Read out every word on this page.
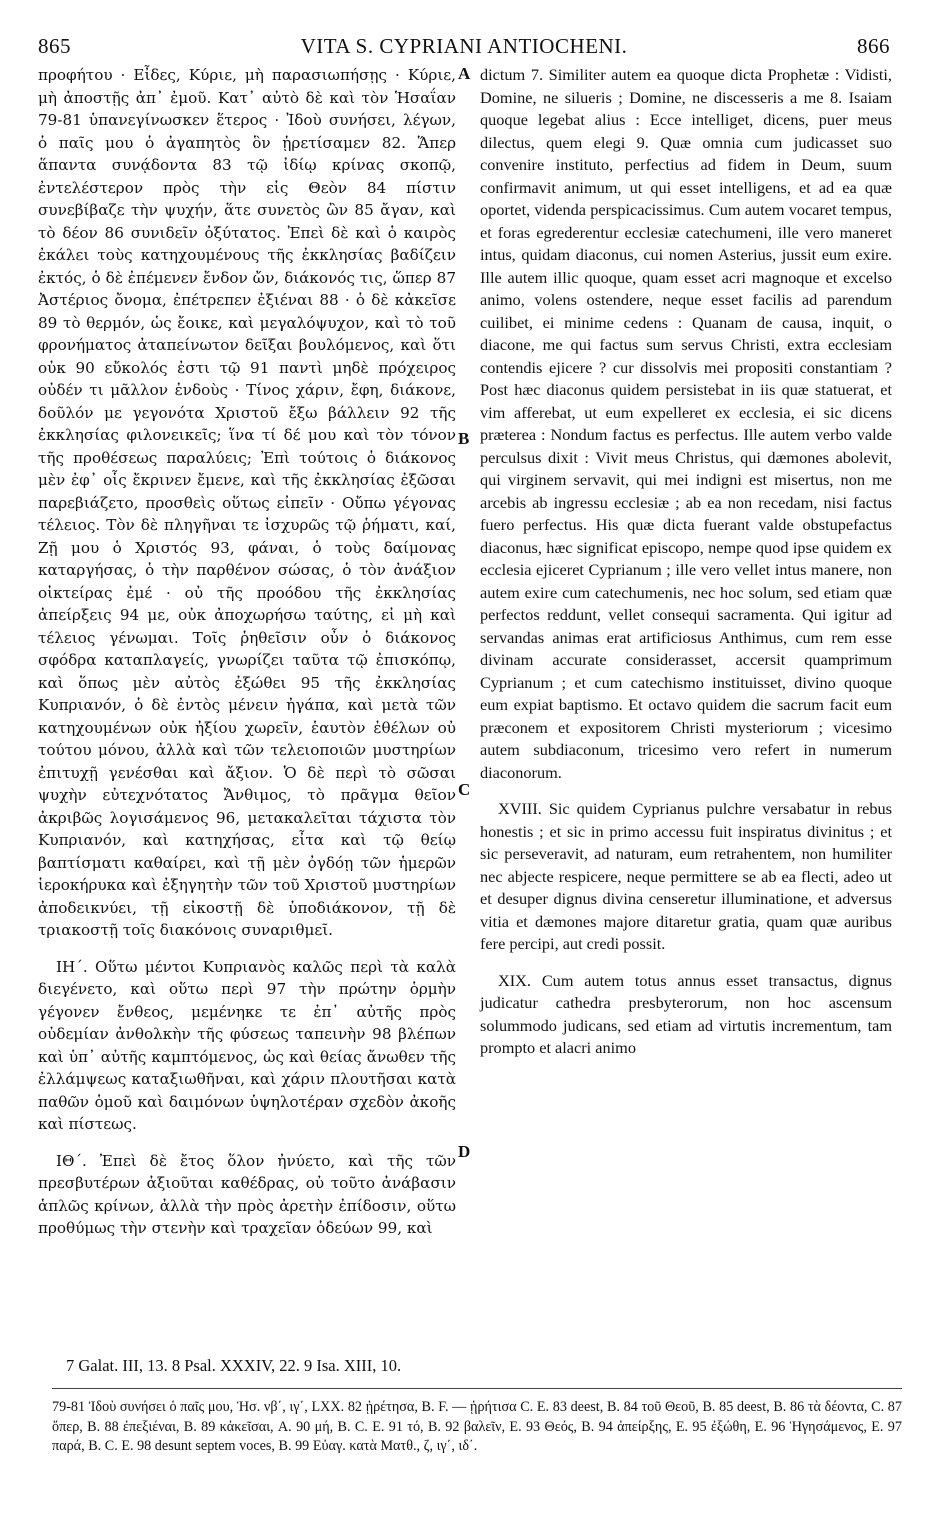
865	VITA S. CYPRIANI ANTIOCHENI.	866

προφήτου · Εἶδες, Κύριε, μὴ παρασιωπήσῃς · Κύριε, μὴ ἀποστῇς ἀπ᾽ ἐμοῦ. Κατ᾽ αὐτὸ δὲ καὶ τὸν Ἡσαΐαν 79-81 ὑπανεγίνωσκεν ἕτερος · Ἰδοὺ συνήσει, λέγων, ὁ παῖς μου ὁ ἀγαπητὸς ὃν ᾑρετίσαμεν 82. Ἅπερ ἅπαντα συνᾴδοντα 83 τῷ ἰδίῳ κρίνας σκοπῷ, ἐντελέστερον πρὸς τὴν εἰς Θεὸν 84 πίστιν συνεβίβαζε τὴν ψυχήν, ἅτε συνετὸς ὢν 85 ἄγαν, καὶ τὸ δέον 86 συνιδεῖν ὀξύτατος. Ἐπεὶ δὲ καὶ ὁ καιρὸς ἐκάλει τοὺς κατηχουμένους τῆς ἐκκλησίας βαδίζειν ἐκτός, ὁ δὲ ἐπέμενεν ἔνδον ὤν, διάκονός τις, ὥπερ 87 Ἀστέριος ὄνομα, ἐπέτρεπεν ἐξιέναι 88 · ὁ δὲ κἀκεῖσε 89 τὸ θερμόν, ὡς ἔοικε, καὶ μεγαλόψυχον, καὶ τὸ τοῦ φρονήματος ἀταπείνωτον δεῖξαι βουλόμενος, καὶ ὅτι οὐκ 90 εὔκολός ἐστι τῷ 91 παντὶ μηδὲ πρόχειρος οὐδέν τι μᾶλλον ἐνδοὺς · Τίνος χάριν, ἔφη, διάκονε, δοῦλόν με γεγονότα Χριστοῦ ἔξω βάλλειν 92 τῆς ἐκκλησίας φιλονεικεῖς; ἵνα τί δέ μου καὶ τὸν τόνον τῆς προθέσεως παραλύεις; Ἐπὶ τούτοις ὁ διάκονος μὲν ἐφ᾽ οἷς ἔκρινεν ἔμενε, καὶ τῆς ἐκκλησίας ἐξῶσαι παρεβιάζετο, προσθεὶς οὕτως εἰπεῖν · Οὔπω γέγονας τέλειος. Τὸν δὲ πληγῆναι τε ἰσχυρῶς τῷ ῥήματι, καί, Ζῇ μου ὁ Χριστός 93, φάναι, ὁ τοὺς δαίμονας καταργήσας, ὁ τὴν παρθένον σώσας, ὁ τὸν ἀνάξιον οἰκτείρας ἐμέ · οὐ τῆς προόδου τῆς ἐκκλησίας ἀπείρξεις 94 με, οὐκ ἀποχωρήσω ταύτης, εἰ μὴ καὶ τέλειος γένωμαι. Τοῖς ῥηθεῖσιν οὖν ὁ διάκονος σφόδρα καταπλαγείς, γνωρίζει ταῦτα τῷ ἐπισκόπῳ, καὶ ὅπως μὲν αὐτὸς ἐξώθει 95 τῆς ἐκκλησίας Κυπριανόν, ὁ δὲ ἐντὸς μένειν ἠγάπα, καὶ μετὰ τῶν κατηχουμένων οὐκ ἠξίου χωρεῖν, ἑαυτὸν ἐθέλων οὐ τούτου μόνου, ἀλλὰ καὶ τῶν τελειοποιῶν μυστηρίων ἐπιτυχῇ γενέσθαι καὶ ἄξιον. Ὁ δὲ περὶ τὸ σῶσαι ψυχὴν εὐτεχνότατος Ἄνθιμος, τὸ πρᾶγμα θεῖον ἀκριβῶς λογισάμενος 96, μετακαλεῖται τάχιστα τὸν Κυπριανόν, καὶ κατηχήσας, εἶτα καὶ τῷ θείῳ βαπτίσματι καθαίρει, καὶ τῇ μὲν ὀγδόῃ τῶν ἡμερῶν ἱεροκήρυκα καὶ ἐξηγητὴν τῶν τοῦ Χριστοῦ μυστηρίων ἀποδεικνύει, τῇ εἰκοστῇ δὲ ὑποδιάκονον, τῇ δὲ τριακοστῇ τοῖς διακόνοις συναριθμεῖ.

ΙΗ΄. Οὕτω μέντοι Κυπριανὸς καλῶς περὶ τὰ καλὰ διεγένετο, καὶ οὕτω περὶ 97 τὴν πρώτην ὁρμὴν γέγονεν ἔνθεος, μεμένηκε τε ἐπ᾽ αὐτῆς πρὸς οὐδεμίαν ἀνθολκὴν τῆς φύσεως ταπεινὴν 98 βλέπων καὶ ὑπ᾽ αὐτῆς καμπτόμενος, ὡς καὶ θείας ἄνωθεν τῆς ἐλλάμψεως καταξιωθῆναι, καὶ χάριν πλουτῆσαι κατὰ παθῶν ὁμοῦ καὶ δαιμόνων ὑψηλοτέραν σχεδὸν ἀκοῆς καὶ πίστεως.

ΙΘ΄. Ἐπεὶ δὲ ἔτος ὅλον ἠνύετο, καὶ τῆς τῶν πρεσβυτέρων ἀξιοῦται καθέδρας, οὐ τοῦτο ἀνάβασιν ἁπλῶς κρίνων, ἀλλὰ τὴν πρὸς ἀρετὴν ἐπίδοσιν, οὕτω προθύμως τὴν στενὴν καὶ τραχεῖαν ὁδεύων 99, καὶ

A
B
C
D

dictum 7. Similiter autem ea quoque dicta Prophetæ : Vidisti, Domine, ne silueris ; Domine, ne discesseris a me 8. Isaiam quoque legebat alius : Ecce intelliget, dicens, puer meus dilectus, quem elegi 9. Quæ omnia cum judicasset suo convenire instituto, perfectius ad fidem in Deum, suum confirmavit animum, ut qui esset intelligens, et ad ea quæ oportet, videnda perspicacissimus. Cum autem vocaret tempus, et foras egrederentur ecclesiæ catechumeni, ille vero maneret intus, quidam diaconus, cui nomen Asterius, jussit eum exire. Ille autem illic quoque, quam esset acri magnoque et excelso animo, volens ostendere, neque esset facilis ad parendum cuilibet, ei minime cedens : Quanam de causa, inquit, o diacone, me qui factus sum servus Christi, extra ecclesiam contendis ejicere ? cur dissolvis mei propositi constantiam ? Post hæc diaconus quidem persistebat in iis quæ statuerat, et vim afferebat, ut eum expelleret ex ecclesia, ei sic dicens præterea : Nondum factus es perfectus. Ille autem verbo valde perculsus dixit : Vivit meus Christus, qui dæmones abolevit, qui virginem servavit, qui mei indigni est misertus, non me arcebis ab ingressu ecclesiæ ; ab ea non recedam, nisi factus fuero perfectus. His quæ dicta fuerant valde obstupefactus diaconus, hæc significat episcopo, nempe quod ipse quidem ex ecclesia ejiceret Cyprianum ; ille vero vellet intus manere, non autem exire cum catechumenis, nec hoc solum, sed etiam quæ perfectos reddunt, vellet consequi sacramenta. Qui igitur ad servandas animas erat artificiosus Anthimus, cum rem esse divinam accurate considerasset, accersit quamprimum Cyprianum ; et cum catechismo instituisset, divino quoque eum expiat baptismo. Et octavo quidem die sacrum facit eum præconem et expositorem Christi mysteriorum ; vicesimo autem subdiaconum, tricesimo vero refert in numerum diaconorum.

XVIII. Sic quidem Cyprianus pulchre versabatur in rebus honestis ; et sic in primo accessu fuit inspiratus divinitus ; et sic perseveravit, ad naturam, eum retrahentem, non humiliter nec abjecte respicere, neque permittere se ab ea flecti, adeo ut et desuper dignus divina censeretur illuminatione, et adversus vitia et dæmones majore ditaretur gratia, quam quæ auribus fere percipi, aut credi possit.

XIX. Cum autem totus annus esset transactus, dignus judicatur cathedra presbyterorum, non hoc ascensum solummodo judicans, sed etiam ad virtutis incrementum, tam prompto et alacri animo

7 Galat. III, 13. 8 Psal. XXXIV, 22. 9 Isa. XIII, 10.
79-81 Ἰδοὺ συνήσει ὁ παῖς μου, Ἡσ. νβ΄, ιγ΄, LXX. 82 ᾑρέτησα, B. F. — ᾑρήτισα C. E. 83 deest, B. 84 τοῦ Θεοῦ, B. 85 deest, B. 86 τὰ δέοντα, C. 87 ὅπερ, B. 88 ἐπεξιέναι, B. 89 κἀκεῖσαι, A. 90 μή, B. C. E. 91 τό, B. 92 βαλεῖν, E. 93 Θεός, B. 94 ἀπείρξης, E. 95 ἐξώθη, E. 96 Ἡγησάμενος, E. 97 παρά, B. C. E. 98 desunt septem voces, B. 99 Εὐαγ. κατὰ Ματθ., ζ, ιγ΄, ιδ΄.
